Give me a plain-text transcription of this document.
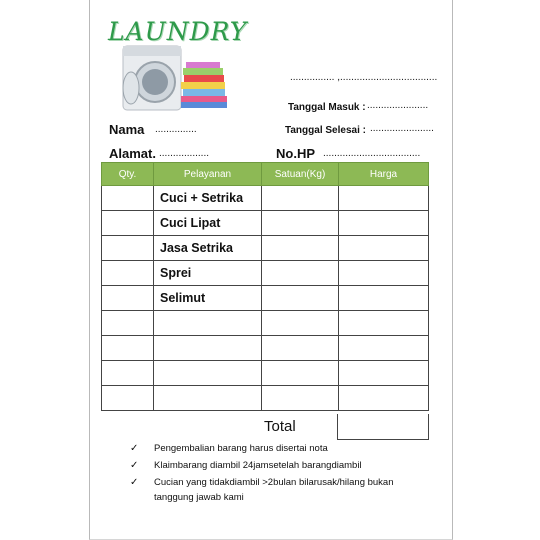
LAUNDRY
................ ,...................................
Tanggal Masuk : ......................
Nama ...............	Tanggal Selesai : .......................
Alamat. ..................	No.HP ...................................
Qty.	Pelayanan	Satuan(Kg)	Harga
	Cuci + Setrika		
	Cuci Lipat		
	Jasa Setrika		
	Sprei		
	Selimut		

Total
✓ Pengembalian barang harus disertai nota
✓ Klaimbarang diambil 24jamsetelah barangdiambil
✓ Cucian yang tidakdiambil >2bulan bilarusak/hilang bukan tanggung jawab kami
